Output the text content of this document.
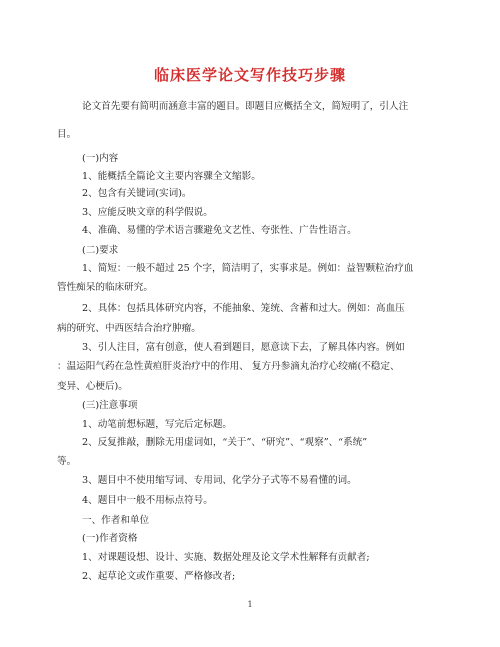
临床医学论文写作技巧步骤
论文首先要有简明而涵意丰富的题目。即题目应概括全文，简短明了，引人注
目。
(一)内容
1、能概括全篇论文主要内容骤全文缩影。
2、包含有关键词(实词)。
3、应能反映文章的科学假说。
4、准确、易懂的学术语言骤避免文艺性、夸张性、广告性语言。
(二)要求
1、简短：一般不超过 25 个字，简洁明了，实事求是。例如：益智颗粒治疗血
管性痴呆的临床研究。
2、具体：包括具体研究内容，不能抽象、笼统、含蓄和过大。例如：高血压
病的研究、中西医结合治疗肿瘤。
3、引人注目，富有创意，使人看到题目，愿意读下去，了解具体内容。例如
：温运阳气药在急性黄疸肝炎治疗中的作用、 复方丹参滴丸治疗心绞痛(不稳定、
变异、心梗后)。
(三)注意事项
1、动笔前想标题，写完后定标题。
2、反复推敲，删除无用虚词如，“关于”、“研究”、“观察”、“系统”
等。
3、题目中不使用缩写词、专用词、化学分子式等不易看懂的词。
4、题目中一般不用标点符号。
一、作者和单位
(一)作者资格
1、对课题设想、设计、实施、数据处理及论文学术性解释有贡献者;
2、起草论文或作重要、严格修改者;
1
